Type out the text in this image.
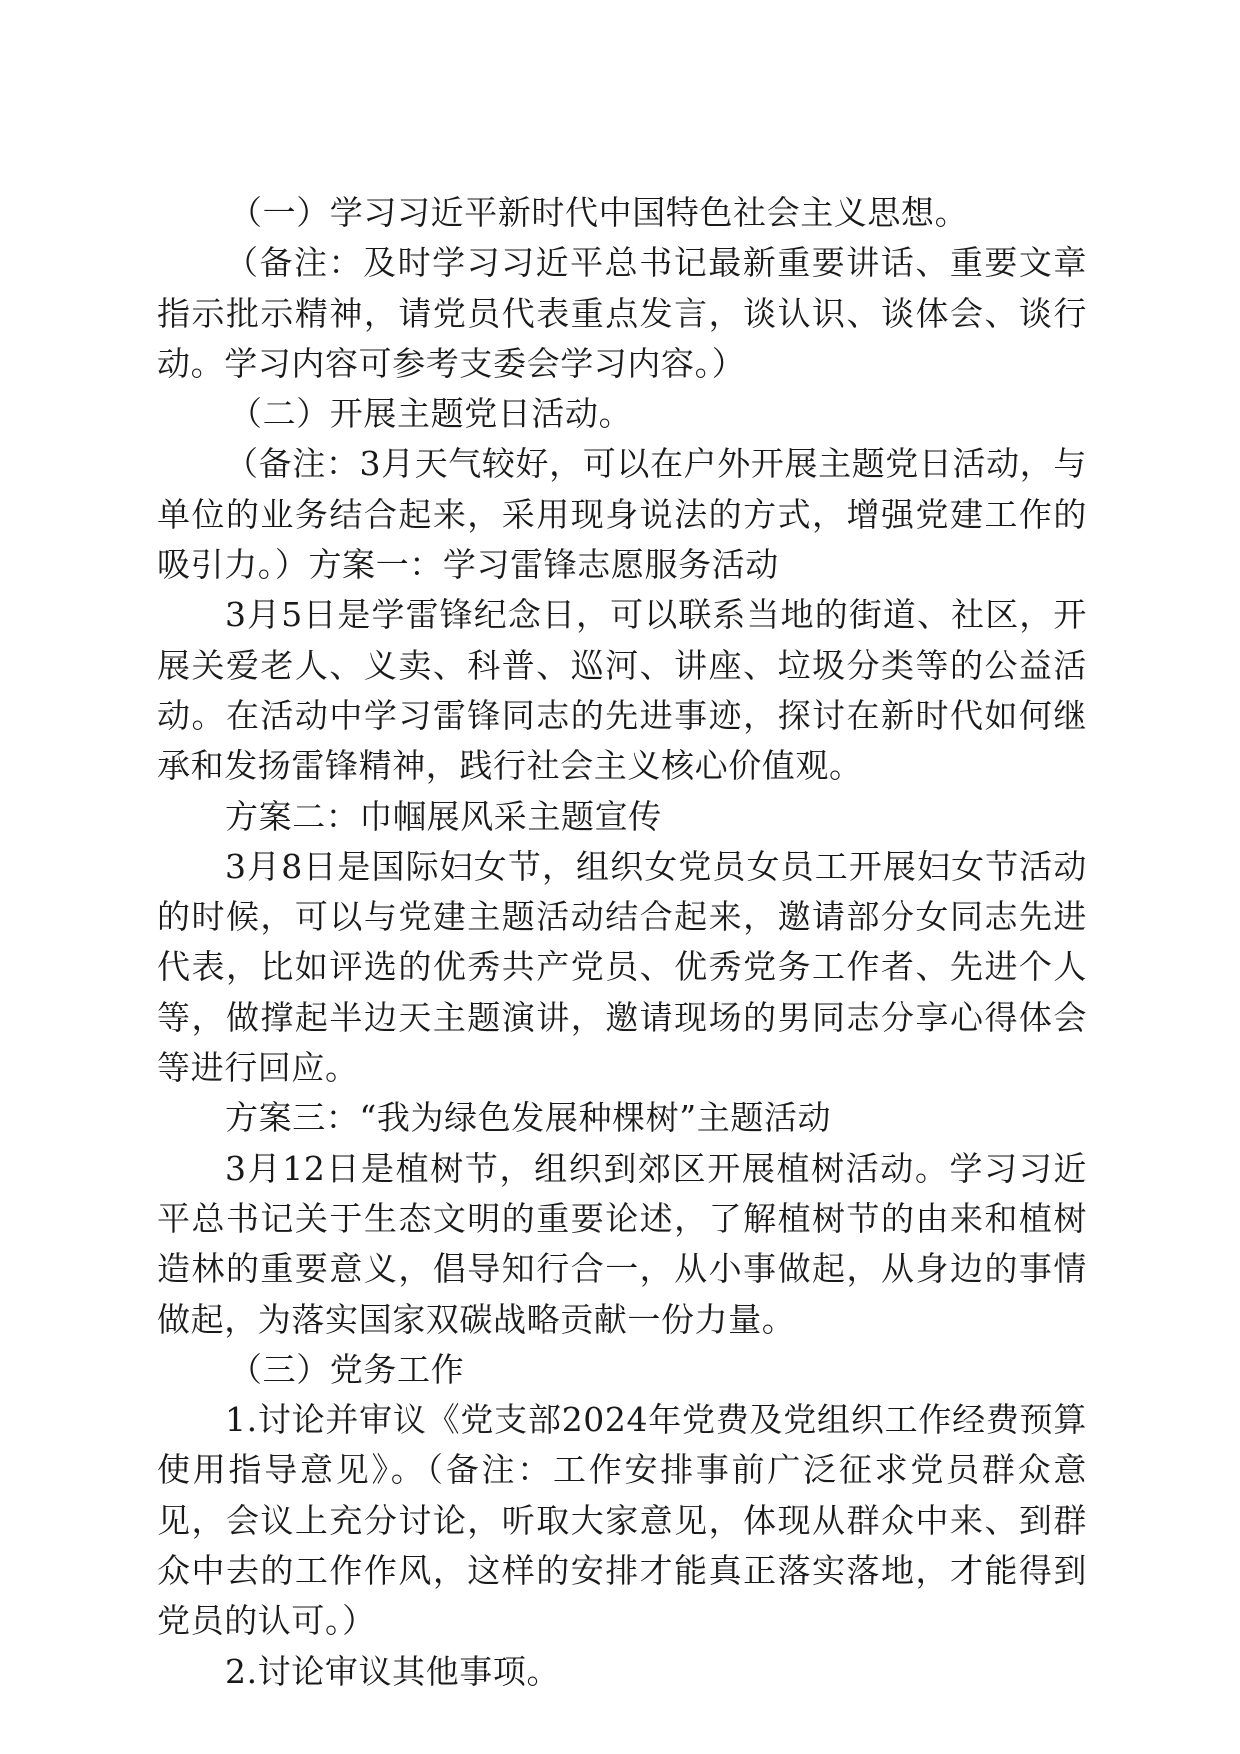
（一）学习习近平新时代中国特色社会主义思想。

（备注：及时学习习近平总书记最新重要讲话、重要文章指示批示精神，请党员代表重点发言，谈认识、谈体会、谈行动。学习内容可参考支委会学习内容。）

（二）开展主题党日活动。

（备注：3月天气较好，可以在户外开展主题党日活动，与单位的业务结合起来，采用现身说法的方式，增强党建工作的吸引力。）方案一：学习雷锋志愿服务活动

3月5日是学雷锋纪念日，可以联系当地的街道、社区，开展关爱老人、义卖、科普、巡河、讲座、垃圾分类等的公益活动。在活动中学习雷锋同志的先进事迹，探讨在新时代如何继承和发扬雷锋精神，践行社会主义核心价值观。

方案二：巾帼展风采主题宣传

3月8日是国际妇女节，组织女党员女员工开展妇女节活动的时候，可以与党建主题活动结合起来，邀请部分女同志先进代表，比如评选的优秀共产党员、优秀党务工作者、先进个人等，做撑起半边天主题演讲，邀请现场的男同志分享心得体会等进行回应。

方案三：“我为绿色发展种棵树”主题活动

3月12日是植树节，组织到郊区开展植树活动。学习习近平总书记关于生态文明的重要论述，了解植树节的由来和植树造林的重要意义，倡导知行合一，从小事做起，从身边的事情做起，为落实国家双碳战略贡献一份力量。

（三）党务工作

1.讨论并审议《党支部2024年党费及党组织工作经费预算使用指导意见》。（备注：工作安排事前广泛征求党员群众意见，会议上充分讨论，听取大家意见，体现从群众中来、到群众中去的工作作风，这样的安排才能真正落实落地，才能得到党员的认可。）

2.讨论审议其他事项。
